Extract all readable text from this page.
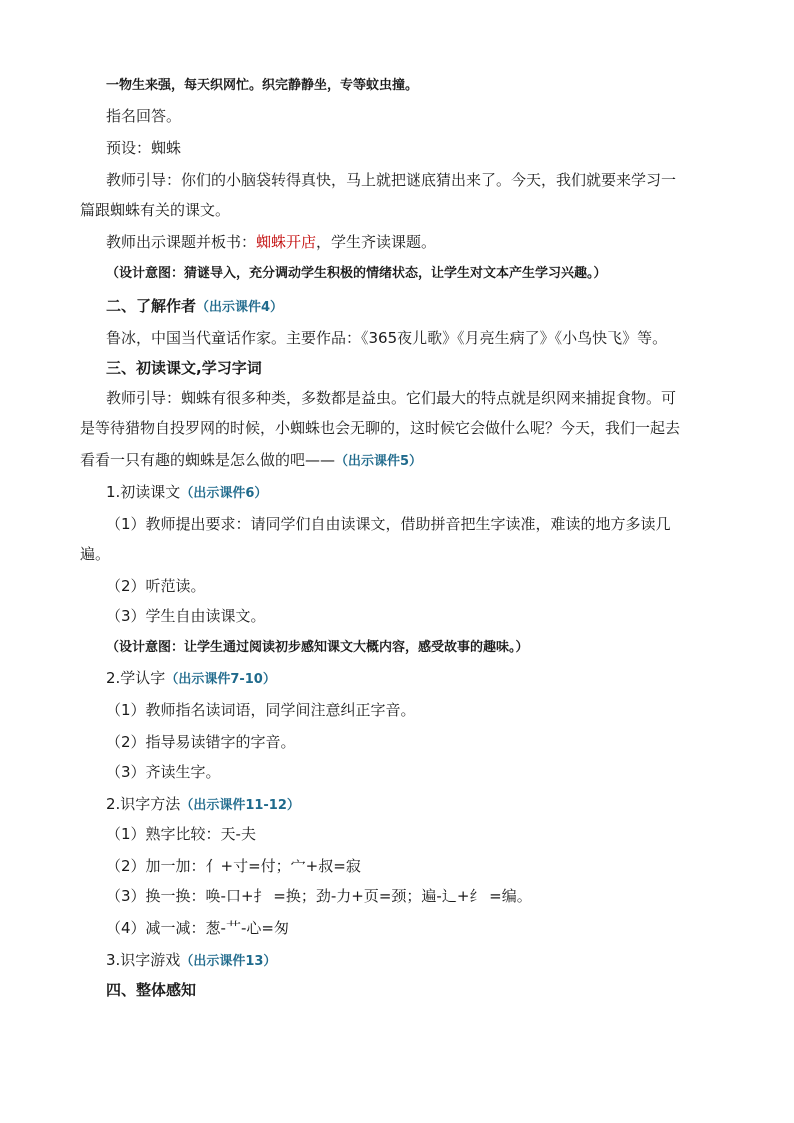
一物生来强，每天织网忙。织完静静坐，专等蚊虫撞。
指名回答。
预设：蜘蛛
教师引导：你们的小脑袋转得真快，马上就把谜底猜出来了。今天，我们就要来学习一
篇跟蜘蛛有关的课文。
教师出示课题并板书：蜘蛛开店，学生齐读课题。
（设计意图：猜谜导入，充分调动学生积极的情绪状态，让学生对文本产生学习兴趣。）
二、了解作者（出示课件4）
鲁冰，中国当代童话作家。主要作品：《365夜儿歌》《月亮生病了》《小鸟快飞》等。
三、初读课文,学习字词
教师引导：蜘蛛有很多种类，多数都是益虫。它们最大的特点就是织网来捕捉食物。可
是等待猎物自投罗网的时候，小蜘蛛也会无聊的，这时候它会做什么呢？今天，我们一起去
看看一只有趣的蜘蛛是怎么做的吧——（出示课件5）
1.初读课文（出示课件6）
（1）教师提出要求：请同学们自由读课文，借助拼音把生字读准，难读的地方多读几
遍。
（2）听范读。
（3）学生自由读课文。
（设计意图：让学生通过阅读初步感知课文大概内容，感受故事的趣味。）
2.学认字（出示课件7-10）
（1）教师指名读词语，同学间注意纠正字音。
（2）指导易读错字的字音。
（3）齐读生字。
2.识字方法（出示课件11-12）
（1）熟字比较：天-夫
（2）加一加：亻+寸=付；宀+叔=寂
（3）换一换：唤-口+扌 =换；劲-力+页=颈；遍-辶+纟 =编。
（4）减一减：葱-艹-心=匆
3.识字游戏（出示课件13）
四、整体感知
